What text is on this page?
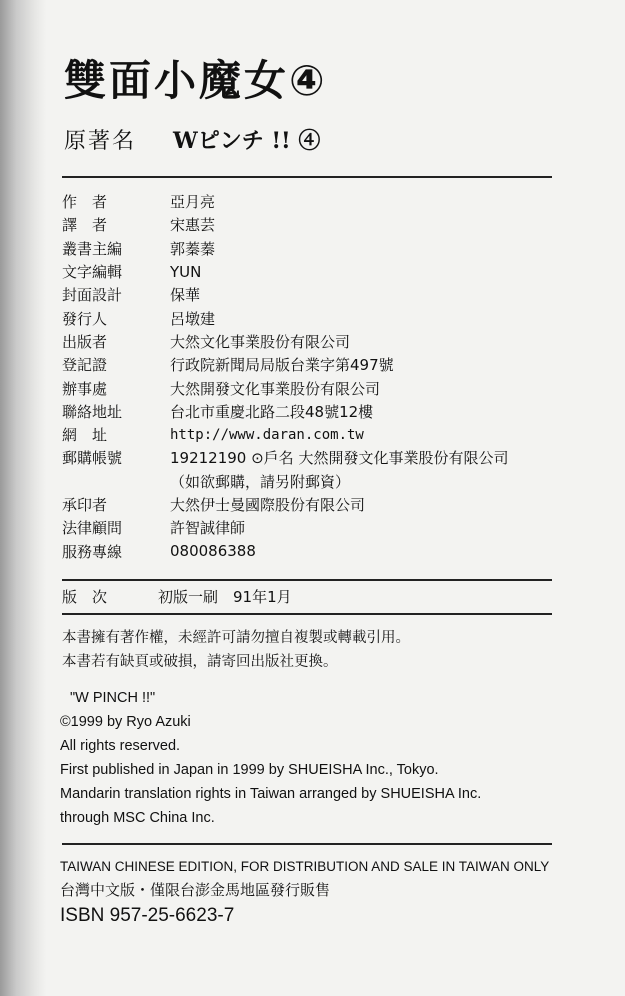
雙面小魔女④
原著名 Wピンチ !! ④
作　者	亞月亮
譯　者	宋惠芸
叢書主編	郭蓁蓁
文字編輯	YUN
封面設計	保華
發行人	呂墩建
出版者	大然文化事業股份有限公司
登記證	行政院新聞局局版台業字第497號
辦事處	大然開發文化事業股份有限公司
聯絡地址	台北市重慶北路二段48號12樓
網　址	http://www.daran.com.tw
郵購帳號	19212190 ⊙戶名 大然開發文化事業股份有限公司
（如欲郵購，請另附郵資）
承印者	大然伊士曼國際股份有限公司
法律顧問	許智誠律師
服務專線	080086388
版　次	初版一刷　91年1月
本書擁有著作權，未經許可請勿擅自複製或轉載引用。
本書若有缺頁或破損，請寄回出版社更換。
"W PINCH !!"
©1999 by Ryo Azuki
All rights reserved.
First published in Japan in 1999 by SHUEISHA Inc., Tokyo.
Mandarin translation rights in Taiwan arranged by SHUEISHA Inc.
through MSC China Inc.
TAIWAN CHINESE EDITION, FOR DISTRIBUTION AND SALE IN TAIWAN ONLY
台灣中文版・僅限台澎金馬地區發行販售
ISBN 957-25-6623-7
